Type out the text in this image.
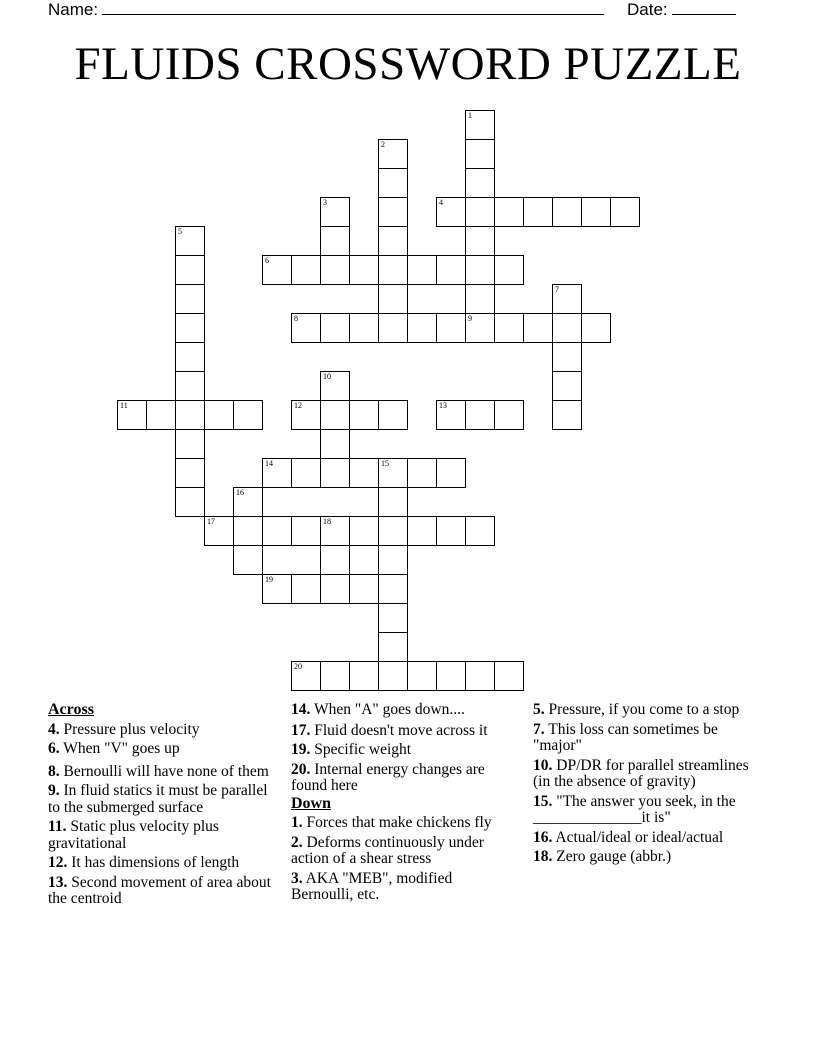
Name:	Date:
FLUIDS CROSSWORD PUZZLE
1
2
3	4
5
6
7
8	9
10
11	12	13
14	15
16
17	18
19
20
Across
4. Pressure plus velocity
6. When "V" goes up
8. Bernoulli will have none of them
9. In fluid statics it must be parallel to the submerged surface
11. Static plus velocity plus gravitational
12. It has dimensions of length
13. Second movement of area about the centroid
14. When "A" goes down....
17. Fluid doesn't move across it
19. Specific weight
20. Internal energy changes are found here
Down
1. Forces that make chickens fly
2. Deforms continuously under action of a shear stress
3. AKA "MEB", modified Bernoulli, etc.
5. Pressure, if you come to a stop
7. This loss can sometimes be "major"
10. DP/DR for parallel streamlines (in the absence of gravity)
15. "The answer you seek, in the ______________it is"
16. Actual/ideal or ideal/actual
18. Zero gauge (abbr.)
